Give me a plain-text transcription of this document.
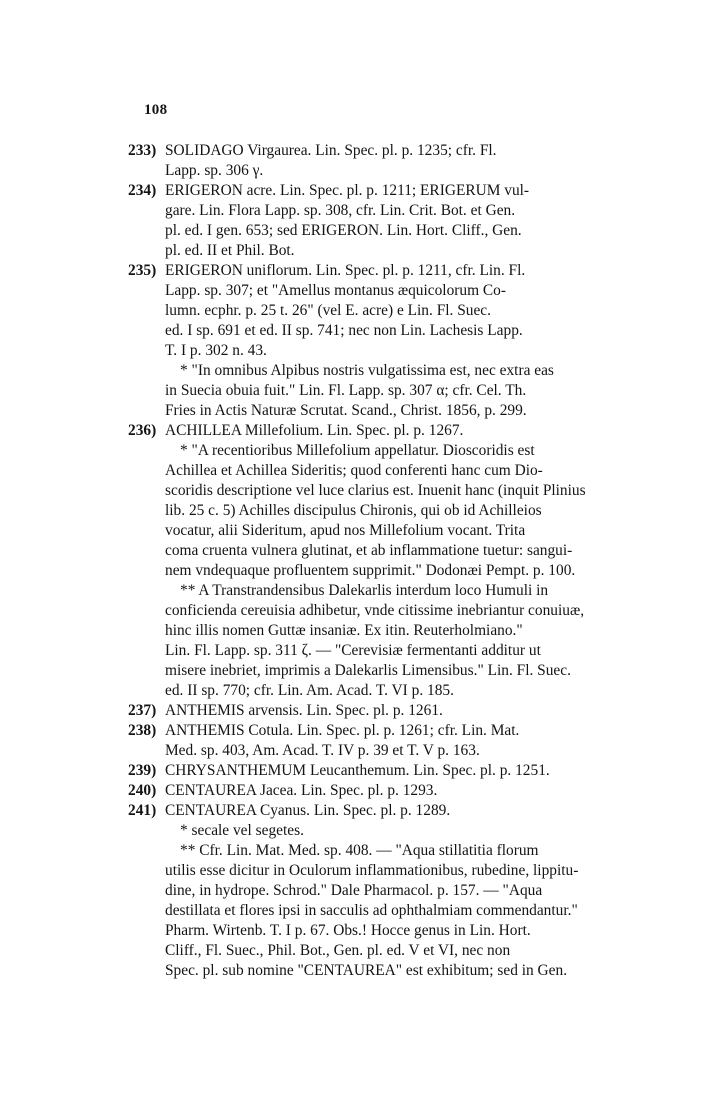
108
233) SOLIDAGO Virgaurea. Lin. Spec. pl. p. 1235; cfr. Fl.
Lapp. sp. 306 γ.
234) ERIGERON acre. Lin. Spec. pl. p. 1211; ERIGERUM vul-
gare. Lin. Flora Lapp. sp. 308, cfr. Lin. Crit. Bot. et Gen.
pl. ed. I gen. 653; sed ERIGERON. Lin. Hort. Cliff., Gen.
pl. ed. II et Phil. Bot.
235) ERIGERON uniflorum. Lin. Spec. pl. p. 1211, cfr. Lin. Fl.
Lapp. sp. 307; et "Amellus montanus æquicolorum Co-
lumn. ecphr. p. 25 t. 26" (vel E. acre) e Lin. Fl. Suec.
ed. I sp. 691 et ed. II sp. 741; nec non Lin. Lachesis Lapp.
T. I p. 302 n. 43.
* "In omnibus Alpibus nostris vulgatissima est, nec extra eas
in Suecia obuia fuit." Lin. Fl. Lapp. sp. 307 α; cfr. Cel. Th.
Fries in Actis Naturæ Scrutat. Scand., Christ. 1856, p. 299.
236) ACHILLEA Millefolium. Lin. Spec. pl. p. 1267.
* "A recentioribus Millefolium appellatur. Dioscoridis est
Achillea et Achillea Sideritis; quod conferenti hanc cum Dio-
scoridis descriptione vel luce clarius est. Inuenit hanc (inquit Plinius
lib. 25 c. 5) Achilles discipulus Chironis, qui ob id Achilleios
vocatur, alii Sideritum, apud nos Millefolium vocant. Trita
coma cruenta vulnera glutinat, et ab inflammatione tuetur: sangui-
nem vndequaque profluentem supprimit." Dodonæi Pempt. p. 100.
** A Transtrandensibus Dalekarlis interdum loco Humuli in
conficienda cereuisia adhibetur, vnde citissime inebriantur conuiuæ,
hinc illis nomen Guttæ insaniæ. Ex itin. Reuterholmiano."
Lin. Fl. Lapp. sp. 311 ζ. — "Cerevisiæ fermentanti additur ut
misere inebriet, imprimis a Dalekarlis Limensibus." Lin. Fl. Suec.
ed. II sp. 770; cfr. Lin. Am. Acad. T. VI p. 185.
237) ANTHEMIS arvensis. Lin. Spec. pl. p. 1261.
238) ANTHEMIS Cotula. Lin. Spec. pl. p. 1261; cfr. Lin. Mat.
Med. sp. 403, Am. Acad. T. IV p. 39 et T. V p. 163.
239) CHRYSANTHEMUM Leucanthemum. Lin. Spec. pl. p. 1251.
240) CENTAUREA Jacea. Lin. Spec. pl. p. 1293.
241) CENTAUREA Cyanus. Lin. Spec. pl. p. 1289.
* secale vel segetes.
** Cfr. Lin. Mat. Med. sp. 408. — "Aqua stillatitia florum
utilis esse dicitur in Oculorum inflammationibus, rubedine, lippitu-
dine, in hydrope. Schrod." Dale Pharmacol. p. 157. — "Aqua
destillata et flores ipsi in sacculis ad ophthalmiam commendantur."
Pharm. Wirtenb. T. I p. 67. Obs.! Hocce genus in Lin. Hort.
Cliff., Fl. Suec., Phil. Bot., Gen. pl. ed. V et VI, nec non
Spec. pl. sub nomine "CENTAUREA" est exhibitum; sed in Gen.
